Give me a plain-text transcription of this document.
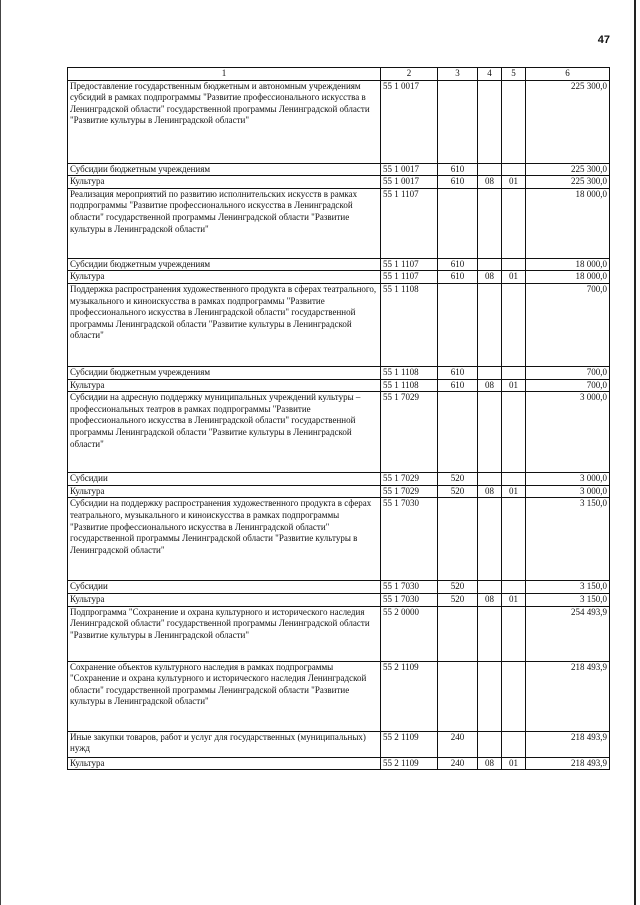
47
1	2	3	4	5	6
Предоставление государственным бюджетным и автономным учреждениям субсидий в рамках подпрограммы "Развитие профессионального искусства в Ленинградской области" государственной программы Ленинградской области "Развитие культуры в Ленинградской области"	55 1 0017				225 300,0
Субсидии бюджетным учреждениям	55 1 0017	610			225 300,0
Культура	55 1 0017	610	08	01	225 300,0
Реализация мероприятий по развитию исполнительских искусств в рамках подпрограммы "Развитие профессионального искусства в Ленинградской области" государственной программы Ленинградской области "Развитие культуры в Ленинградской области"	55 1 1107				18 000,0
Субсидии бюджетным учреждениям	55 1 1107	610			18 000,0
Культура	55 1 1107	610	08	01	18 000,0
Поддержка распространения художественного продукта в сферах театрального, музыкального и киноискусства в рамках подпрограммы "Развитие профессионального искусства в Ленинградской области" государственной программы Ленинградской области "Развитие культуры в Ленинградской области"	55 1 1108				700,0
Субсидии бюджетным учреждениям	55 1 1108	610			700,0
Культура	55 1 1108	610	08	01	700,0
Субсидии на адресную поддержку муниципальных учреждений культуры – профессиональных театров в рамках подпрограммы "Развитие профессионального искусства в Ленинградской области" государственной программы Ленинградской области "Развитие культуры в Ленинградской области"	55 1 7029				3 000,0
Субсидии	55 1 7029	520			3 000,0
Культура	55 1 7029	520	08	01	3 000,0
Субсидии на поддержку распространения художественного продукта в сферах театрального, музыкального и киноискусства в рамках подпрограммы "Развитие профессионального искусства в Ленинградской области" государственной программы Ленинградской области "Развитие культуры в Ленинградской области"	55 1 7030				3 150,0
Субсидии	55 1 7030	520			3 150,0
Культура	55 1 7030	520	08	01	3 150,0
Подпрограмма "Сохранение и охрана культурного и исторического наследия Ленинградской области" государственной программы Ленинградской области "Развитие культуры в Ленинградской области"	55 2 0000				254 493,9
Сохранение объектов культурного наследия в рамках подпрограммы "Сохранение и охрана культурного и исторического наследия Ленинградской области" государственной программы Ленинградской области "Развитие культуры в Ленинградской области"	55 2 1109				218 493,9
Иные закупки товаров, работ и услуг для государственных (муниципальных) нужд	55 2 1109	240			218 493,9
Культура	55 2 1109	240	08	01	218 493,9
